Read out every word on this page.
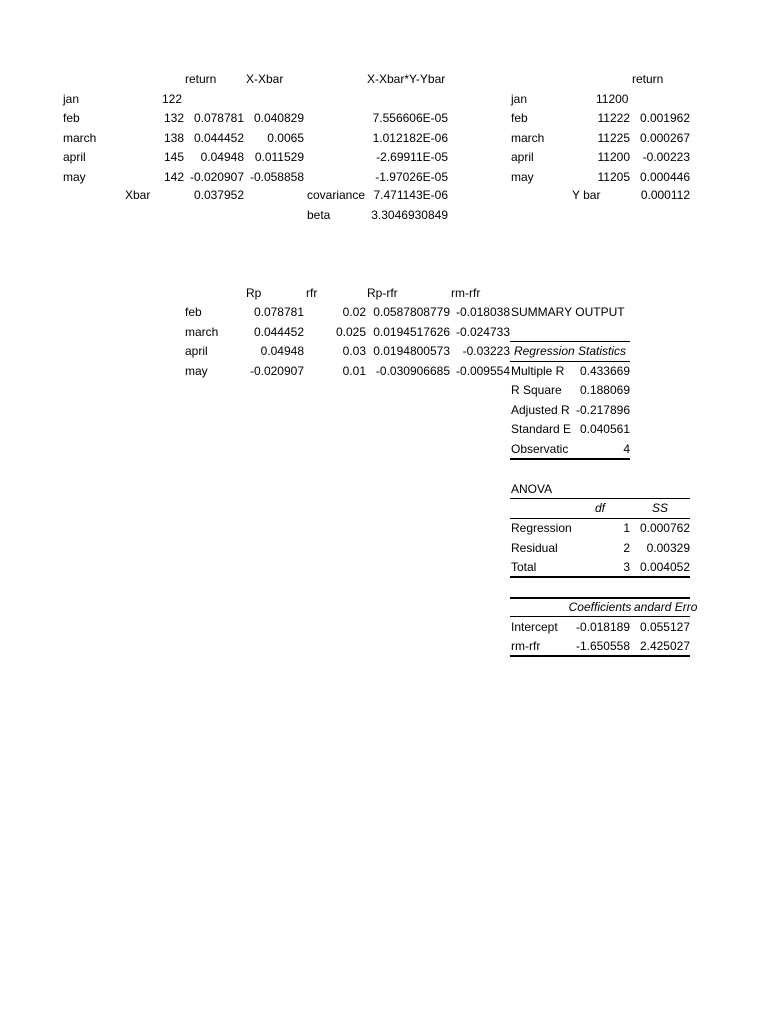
return X-Xbar	X-Xbar*Y-Ybar
jan	122
feb	132 0.078781 0.040829	7.556606E-05
march	138 0.044452	0.0065	1.012182E-06
april	145	0.04948 0.011529	-2.69911E-05
may	142 -0.020907 -0.058858	-1.97026E-05
Xbar	0.037952	covariance 7.471143E-06
beta	3.3046930849
return
jan	11200
feb	11222 0.001962
march	11225 0.000267
april	11200	-0.00223
may	11205 0.000446
Y bar	0.000112
Rp	rfr	Rp-rfr	rm-rfr
feb	0.078781	0.02 0.0587808779 -0.018038
march	0.044452	0.025 0.0194517626 -0.024733
april	0.04948	0.03 0.0194800573	-0.03223
may	-0.020907	0.01 -0.030906685 -0.009554
SUMMARY OUTPUT
Regression Statistics
Multiple R	0.433669
R Square	0.188069
Adjusted R -0.217896
Standard E 0.040561
Observatic	4
ANOVA
df	SS
Regression	1 0.000762
Residual	2	0.00329
Total	3 0.004052
Coefficients andard Erro
Intercept	-0.018189 0.055127
rm-rfr	-1.650558 2.425027
